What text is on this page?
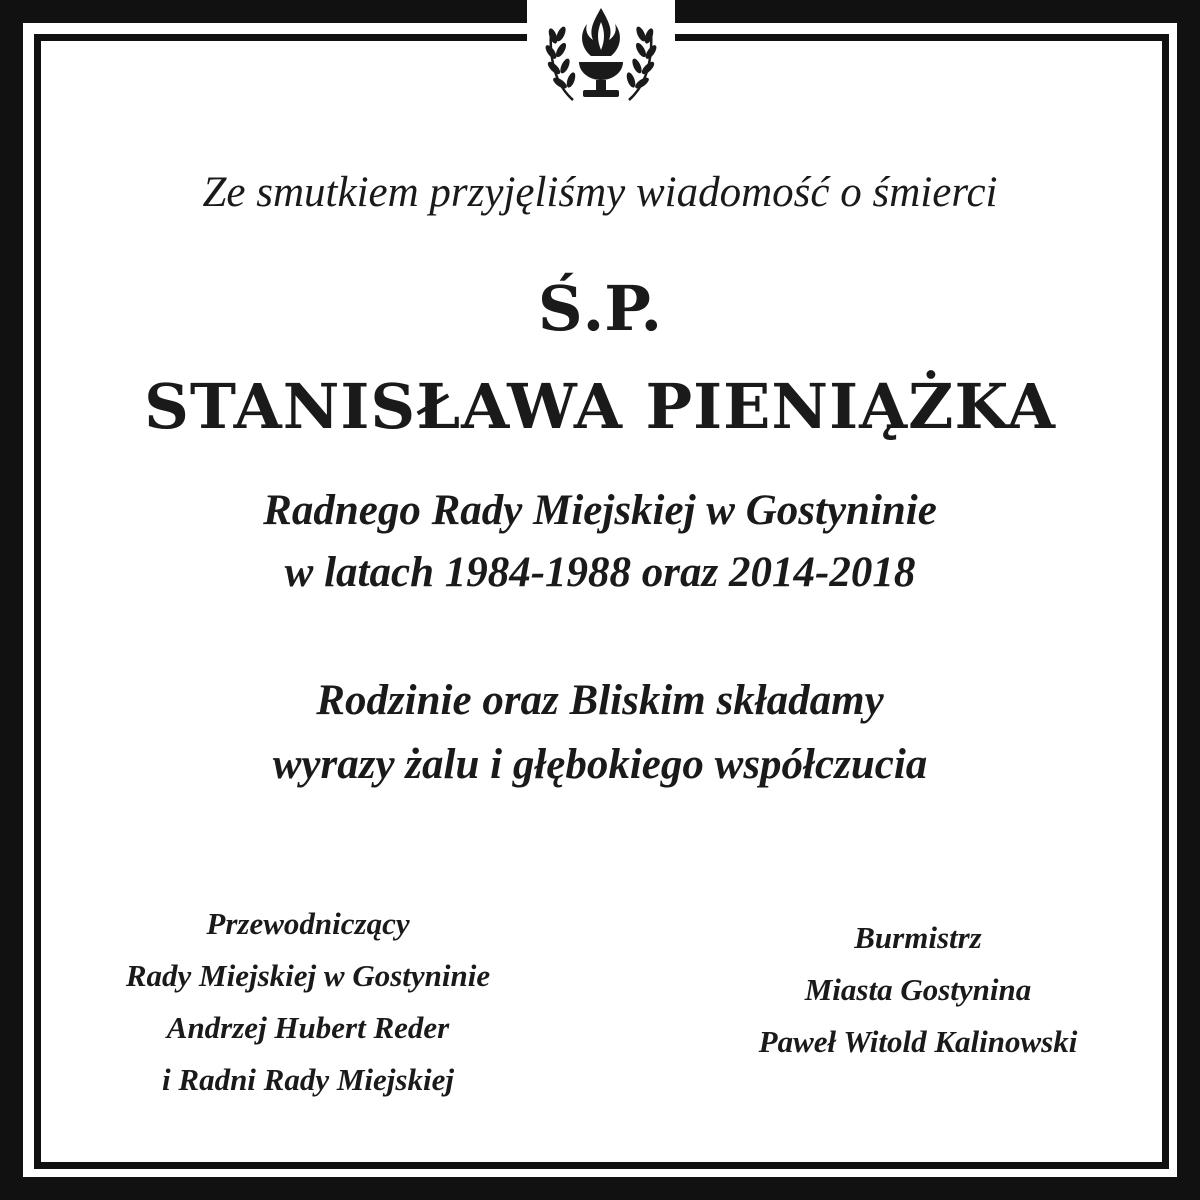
Ze smutkiem przyjęliśmy wiadomość o śmierci
Ś.P.
STANISŁAWA PIENIĄŻKA
Radnego Rady Miejskiej w Gostyninie
w latach 1984-1988 oraz 2014-2018
Rodzinie oraz Bliskim składamy
wyrazy żalu i głębokiego współczucia
Przewodniczący
Rady Miejskiej w Gostyninie
Andrzej Hubert Reder
i Radni Rady Miejskiej
Burmistrz
Miasta Gostynina
Paweł Witold Kalinowski
